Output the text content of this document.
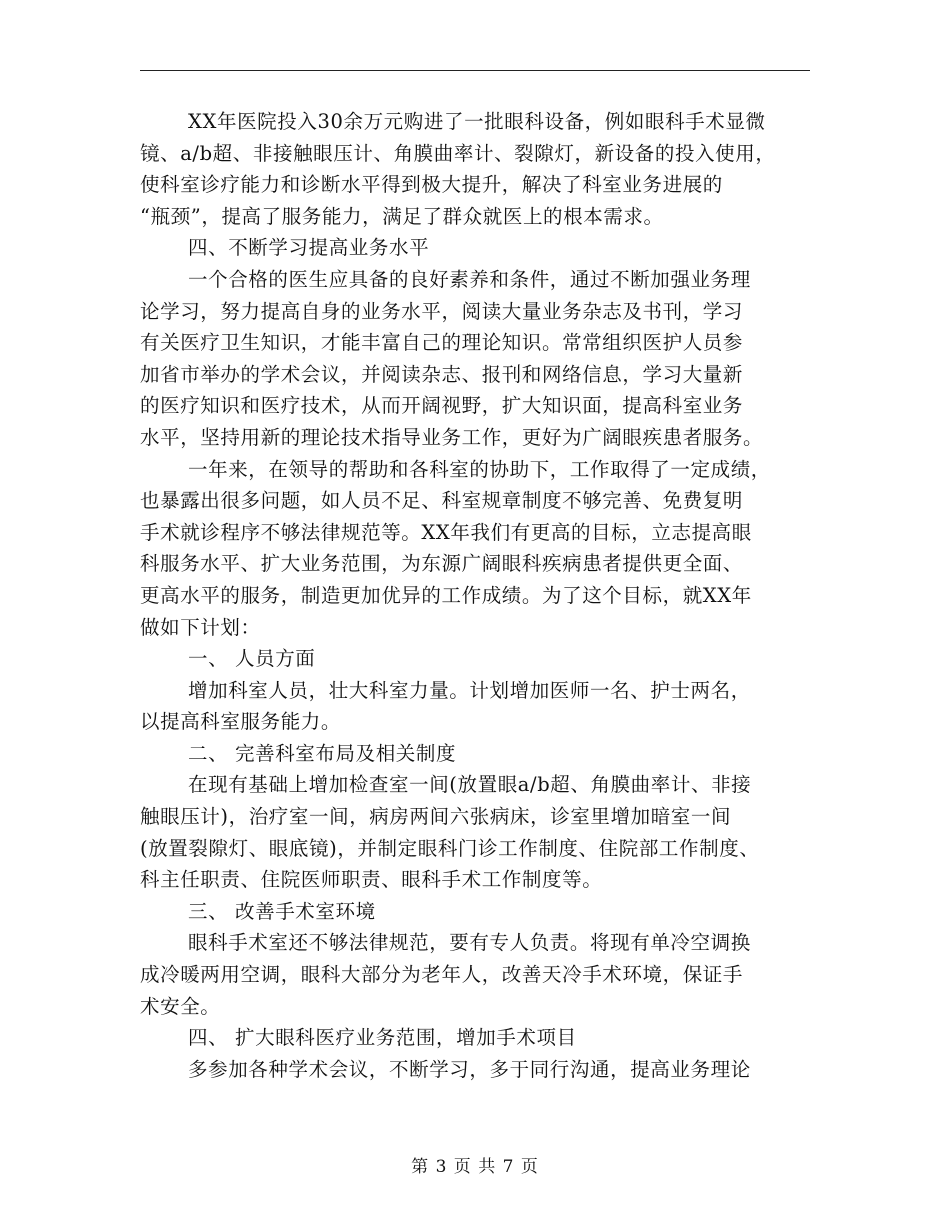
XX年医院投入30余万元购进了一批眼科设备，例如眼科手术显微
镜、a/b超、非接触眼压计、角膜曲率计、裂隙灯，新设备的投入使用，
使科室诊疗能力和诊断水平得到极大提升，解决了科室业务进展的
“瓶颈”，提高了服务能力，满足了群众就医上的根本需求。
四、不断学习提高业务水平
一个合格的医生应具备的良好素养和条件，通过不断加强业务理
论学习，努力提高自身的业务水平，阅读大量业务杂志及书刊，学习
有关医疗卫生知识，才能丰富自己的理论知识。常常组织医护人员参
加省市举办的学术会议，并阅读杂志、报刊和网络信息，学习大量新
的医疗知识和医疗技术，从而开阔视野，扩大知识面，提高科室业务
水平，坚持用新的理论技术指导业务工作，更好为广阔眼疾患者服务。
一年来，在领导的帮助和各科室的协助下，工作取得了一定成绩，
也暴露出很多问题，如人员不足、科室规章制度不够完善、免费复明
手术就诊程序不够法律规范等。XX年我们有更高的目标，立志提高眼
科服务水平、扩大业务范围，为东源广阔眼科疾病患者提供更全面、
更高水平的服务，制造更加优异的工作成绩。为了这个目标，就XX年
做如下计划：
一、 人员方面
增加科室人员，壮大科室力量。计划增加医师一名、护士两名，
以提高科室服务能力。
二、 完善科室布局及相关制度
在现有基础上增加检查室一间(放置眼a/b超、角膜曲率计、非接
触眼压计)，治疗室一间，病房两间六张病床，诊室里增加暗室一间
(放置裂隙灯、眼底镜)，并制定眼科门诊工作制度、住院部工作制度、
科主任职责、住院医师职责、眼科手术工作制度等。
三、 改善手术室环境
眼科手术室还不够法律规范，要有专人负责。将现有单冷空调换
成冷暖两用空调，眼科大部分为老年人，改善天冷手术环境，保证手
术安全。
四、 扩大眼科医疗业务范围，增加手术项目
多参加各种学术会议，不断学习，多于同行沟通，提高业务理论
第 3 页 共 7 页
